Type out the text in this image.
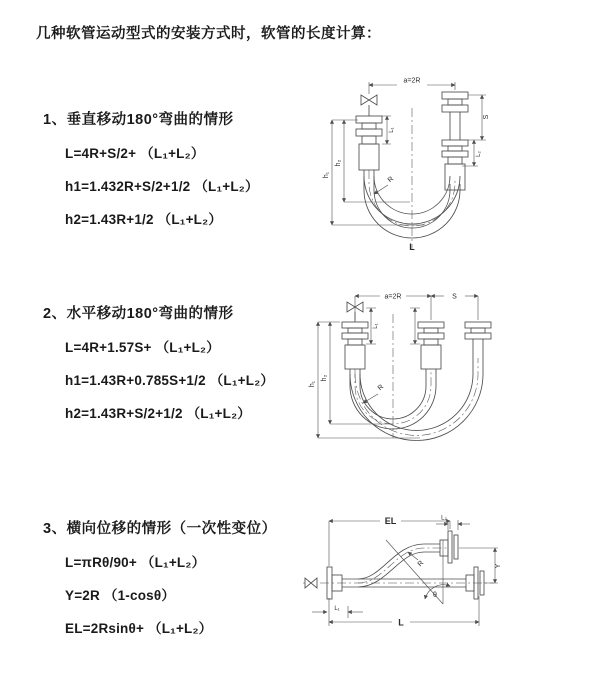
几种软管运动型式的安装方式时，软管的长度计算：
1、垂直移动180°弯曲的情形
L=4R+S/2+ （L₁+L₂）
h1=1.432R+S/2+1/2 （L₁+L₂）
h2=1.43R+1/2 （L₁+L₂）
2、水平移动180°弯曲的情形
L=4R+1.57S+ （L₁+L₂）
h1=1.43R+0.785S+1/2 （L₁+L₂）
h2=1.43R+S/2+1/2 （L₁+L₂）
3、横向位移的情形（一次性变位）
L=πRθ/90+ （L₁+L₂）
Y=2R （1-cosθ）
EL=2Rsinθ+ （L₁+L₂）
a=2R
h₁
h₂
L₁
S
L₂
R
L
a=2R	S
h₁
h₂
L₁
R
EL	L₂
Y
R
θ
L
L₁
